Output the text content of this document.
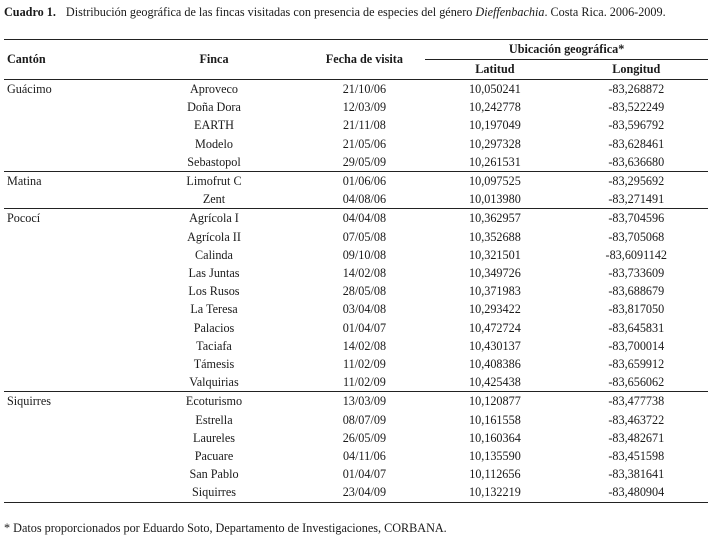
Cuadro 1. Distribución geográfica de las fincas visitadas con presencia de especies del género Dieffenbachia. Costa Rica. 2006-2009.
Cantón	Finca	Fecha de visita	Ubicación geográfica*	
			Latitud	Longitud
Guácimo	Aproveco	21/10/06	10,050241	-83,268872
	Doña Dora	12/03/09	10,242778	-83,522249
	EARTH	21/11/08	10,197049	-83,596792
	Modelo	21/05/06	10,297328	-83,628461
	Sebastopol	29/05/09	10,261531	-83,636680
Matina	Limofrut C	01/06/06	10,097525	-83,295692
	Zent	04/08/06	10,013980	-83,271491
Pococí	Agrícola I	04/04/08	10,362957	-83,704596
	Agrícola II	07/05/08	10,352688	-83,705068
	Calinda	09/10/08	10,321501	-83,6091142
	Las Juntas	14/02/08	10,349726	-83,733609
	Los Rusos	28/05/08	10,371983	-83,688679
	La Teresa	03/04/08	10,293422	-83,817050
	Palacios	01/04/07	10,472724	-83,645831
	Taciafa	14/02/08	10,430137	-83,700014
	Támesis	11/02/09	10,408386	-83,659912
	Valquirias	11/02/09	10,425438	-83,656062
Siquirres	Ecoturismo	13/03/09	10,120877	-83,477738
	Estrella	08/07/09	10,161558	-83,463722
	Laureles	26/05/09	10,160364	-83,482671
	Pacuare	04/11/06	10,135590	-83,451598
	San Pablo	01/04/07	10,112656	-83,381641
	Siquirres	23/04/09	10,132219	-83,480904
* Datos proporcionados por Eduardo Soto, Departamento de Investigaciones, CORBANA.
